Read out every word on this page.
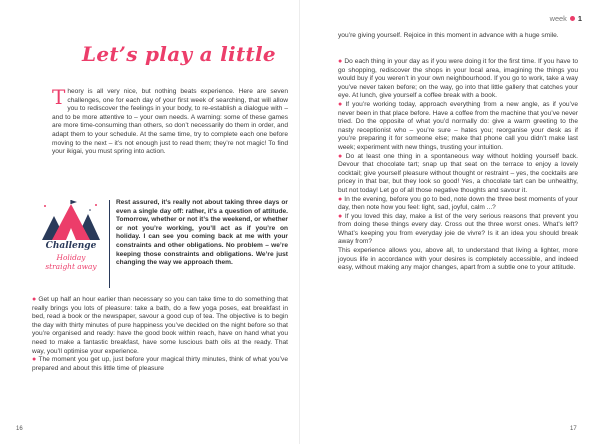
Let’s play a little

Theory is all very nice, but nothing beats experience. Here are seven challenges, one for each day of your first week of searching, that will allow you to rediscover the feelings in your body, to re-establish a dialogue with – and to be more attentive to – your own needs. A warning: some of these games are more time-consuming than others, so don’t necessarily do them in order, and adapt them to your schedule. At the same time, try to complete each one before moving to the next – it’s not enough just to read them; they’re not magic! To find your ikigai, you must spring into action.

Challenge
Holiday
straight away

Rest assured, it’s really not about taking three days or even a single day off: rather, it’s a question of attitude. Tomorrow, whether or not it’s the weekend, or whether or not you’re working, you’ll act as if you’re on holiday. I can see you coming back at me with your constraints and other obligations. No problem – we’re keeping those constraints and obligations. We’re just changing the way we approach them.

● Get up half an hour earlier than necessary so you can take time to do something that really brings you lots of pleasure: take a bath, do a few yoga poses, eat breakfast in bed, read a book or the newspaper, savour a good cup of tea. The objective is to begin the day with thirty minutes of pure happiness you’ve decided on the night before so that you’re organised and ready: have the good book within reach, have on hand what you need to make a fantastic breakfast, have some luscious bath oils at the ready. That way, you’ll optimise your experience.
● The moment you get up, just before your magical thirty minutes, think of what you’ve prepared and about this little time of pleasure
16
week 1

you’re giving yourself. Rejoice in this moment in advance with a huge smile.

● Do each thing in your day as if you were doing it for the first time. If you have to go shopping, rediscover the shops in your local area, imagining the things you would buy if you weren’t in your own neighbourhood. If you go to work, take a way you’ve never taken before; on the way, go into that little gallery that catches your eye. At lunch, give yourself a coffee break with a book.
● If you’re working today, approach everything from a new angle, as if you’ve never been in that place before. Have a coffee from the machine that you’ve never tried. Do the opposite of what you’d normally do: give a warm greeting to the nasty receptionist who – you’re sure – hates you; reorganise your desk as if you’re preparing it for someone else; make that phone call you didn’t make last week; experiment with new things, trusting your intuition.
● Do at least one thing in a spontaneous way without holding yourself back. Devour that chocolate tart; snap up that seat on the terrace to enjoy a lovely cocktail; give yourself pleasure without thought or restraint – yes, the cocktails are pricey in that bar, but they look so good! Yes, a chocolate tart can be unhealthy, but not today! Let go of all those negative thoughts and savour it.
● In the evening, before you go to bed, note down the three best moments of your day, then note how you feel: light, sad, joyful, calm ...?
● If you loved this day, make a list of the very serious reasons that prevent you from doing these things every day. Cross out the three worst ones. What’s left? What’s keeping you from everyday joie de vivre? Is it an idea you should break away from?
This experience allows you, above all, to understand that living a lighter, more joyous life in accordance with your desires is completely accessible, and indeed easy, without making any major changes, apart from a subtle one to your attitude.
17
